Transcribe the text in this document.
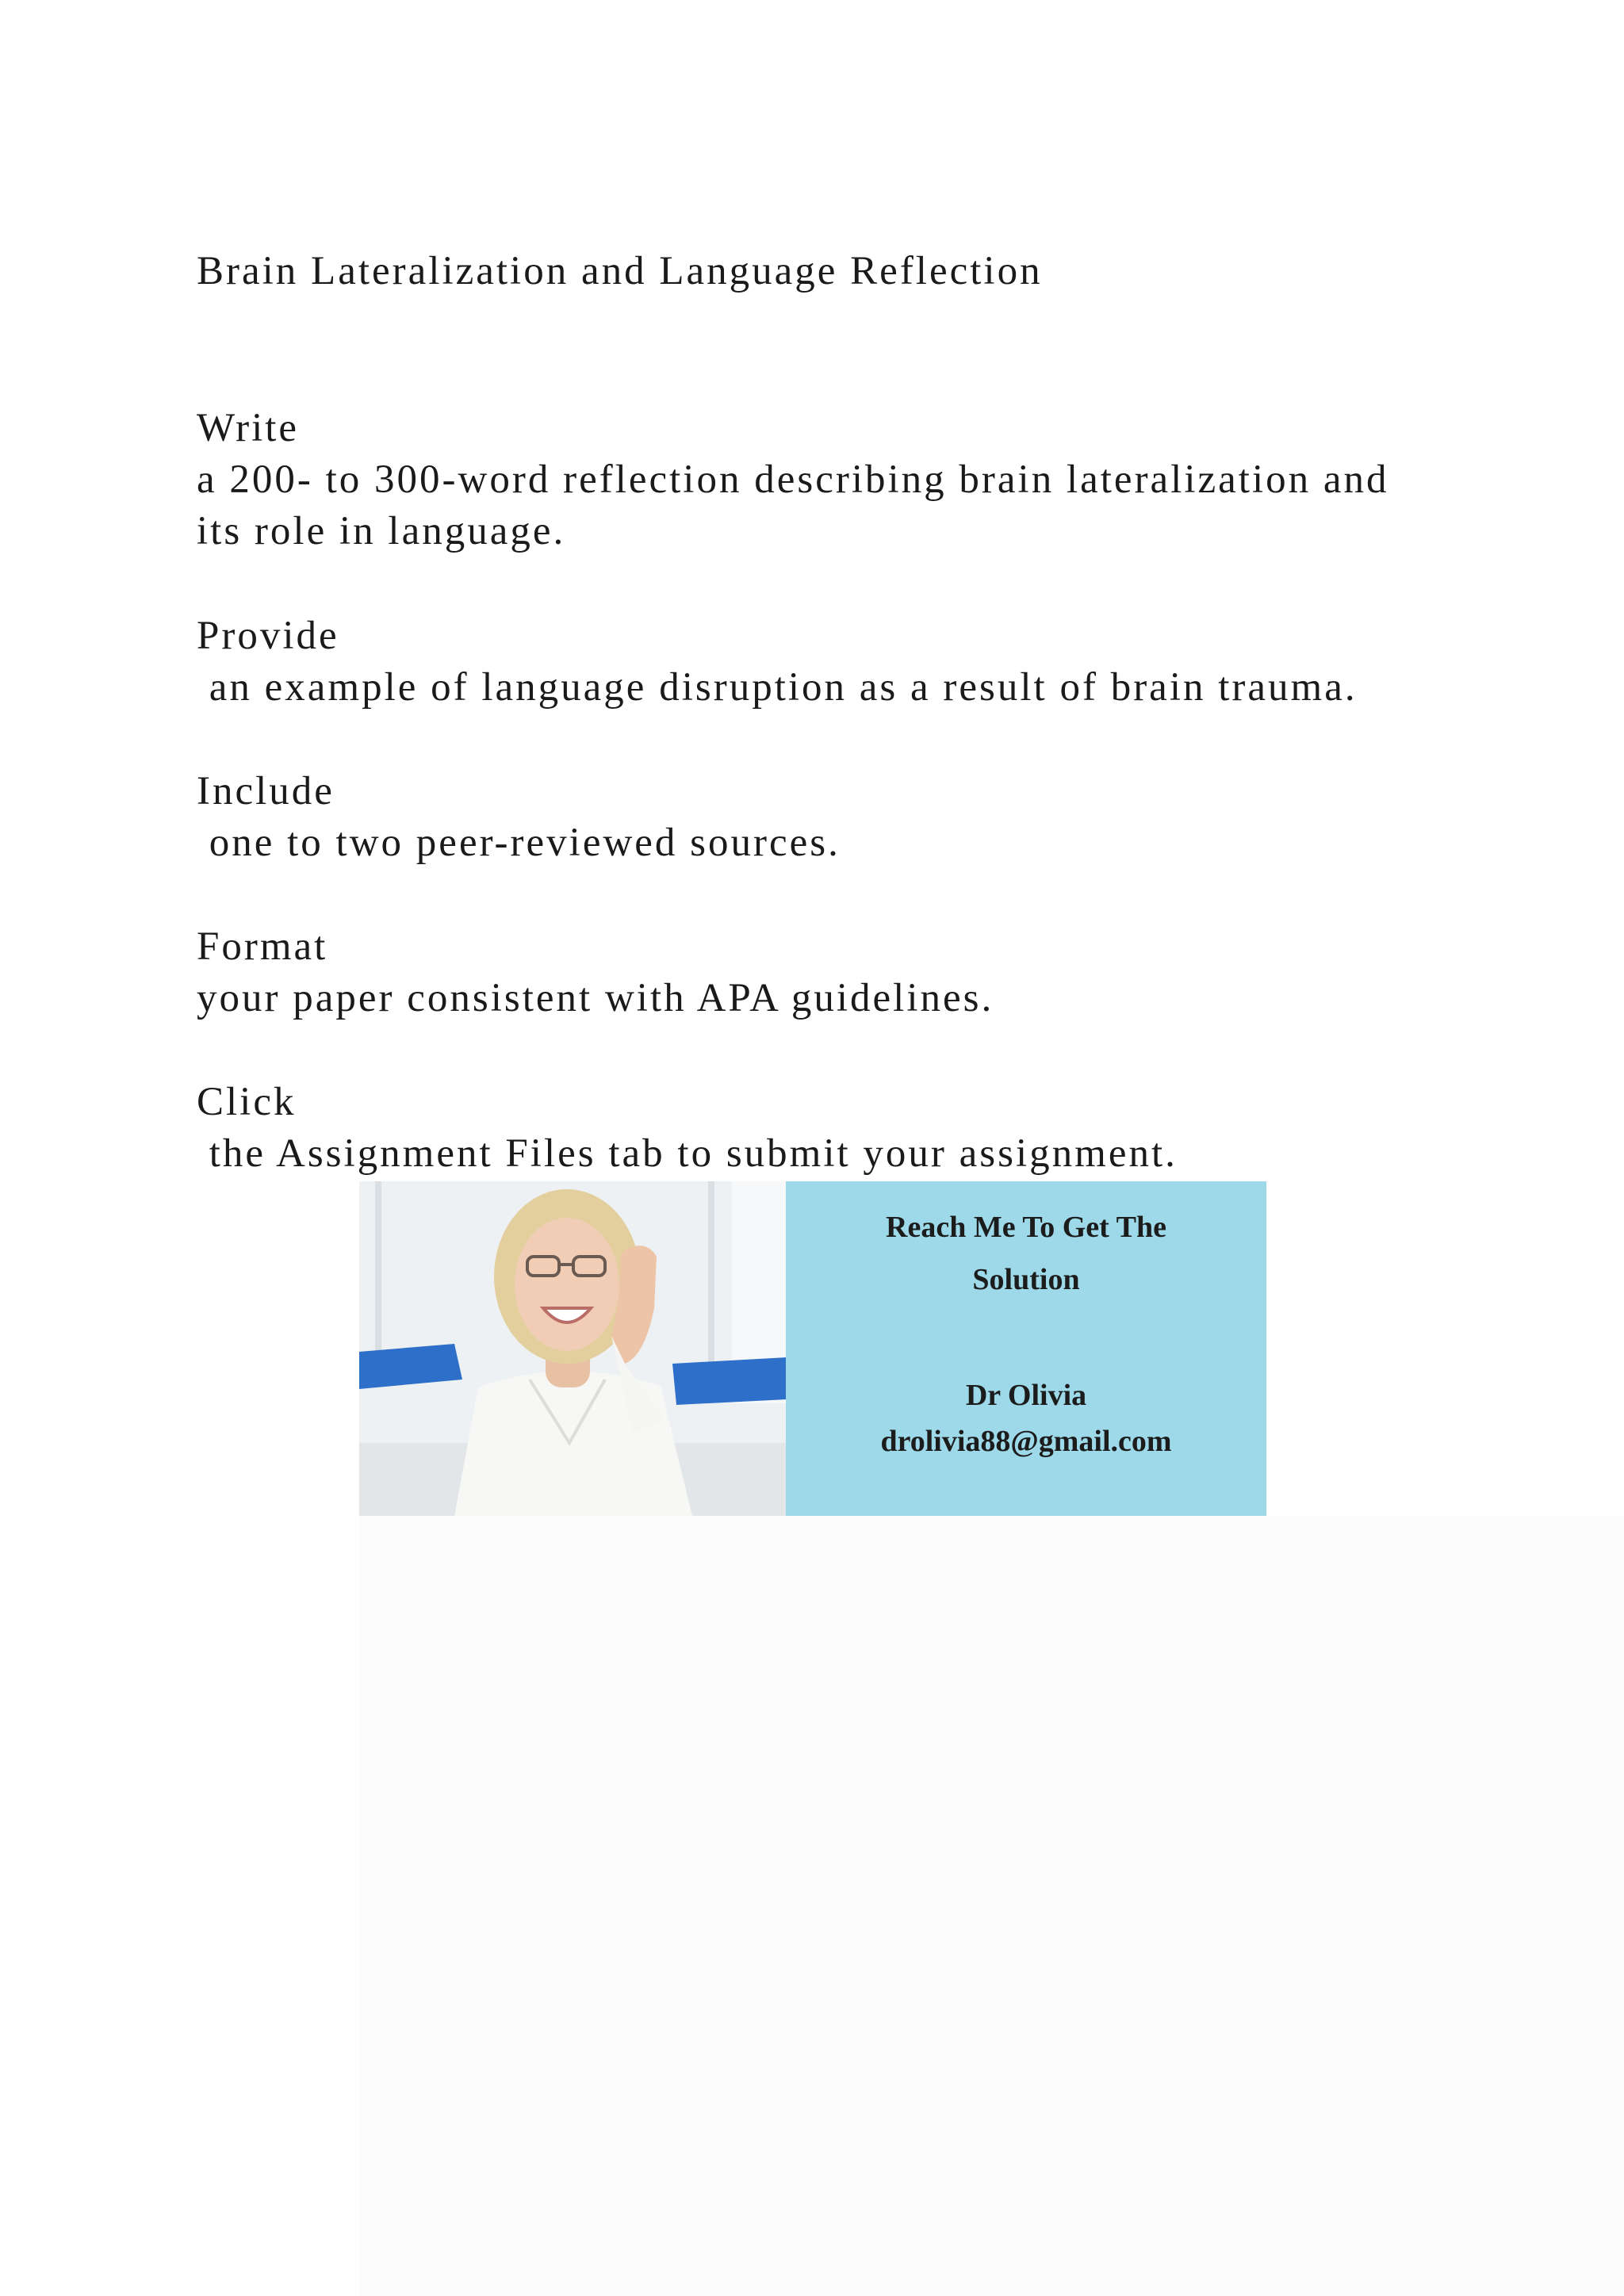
Brain Lateralization and Language Reflection
Write
a 200- to 300-word reflection describing brain lateralization and
its role in language.
Provide
an example of language disruption as a result of brain trauma.
Include
one to two peer-reviewed sources.
Format
your paper consistent with APA guidelines.
Click
the Assignment Files tab to submit your assignment.
Reach Me To Get The
Solution
Dr Olivia
drolivia88@gmail.com
